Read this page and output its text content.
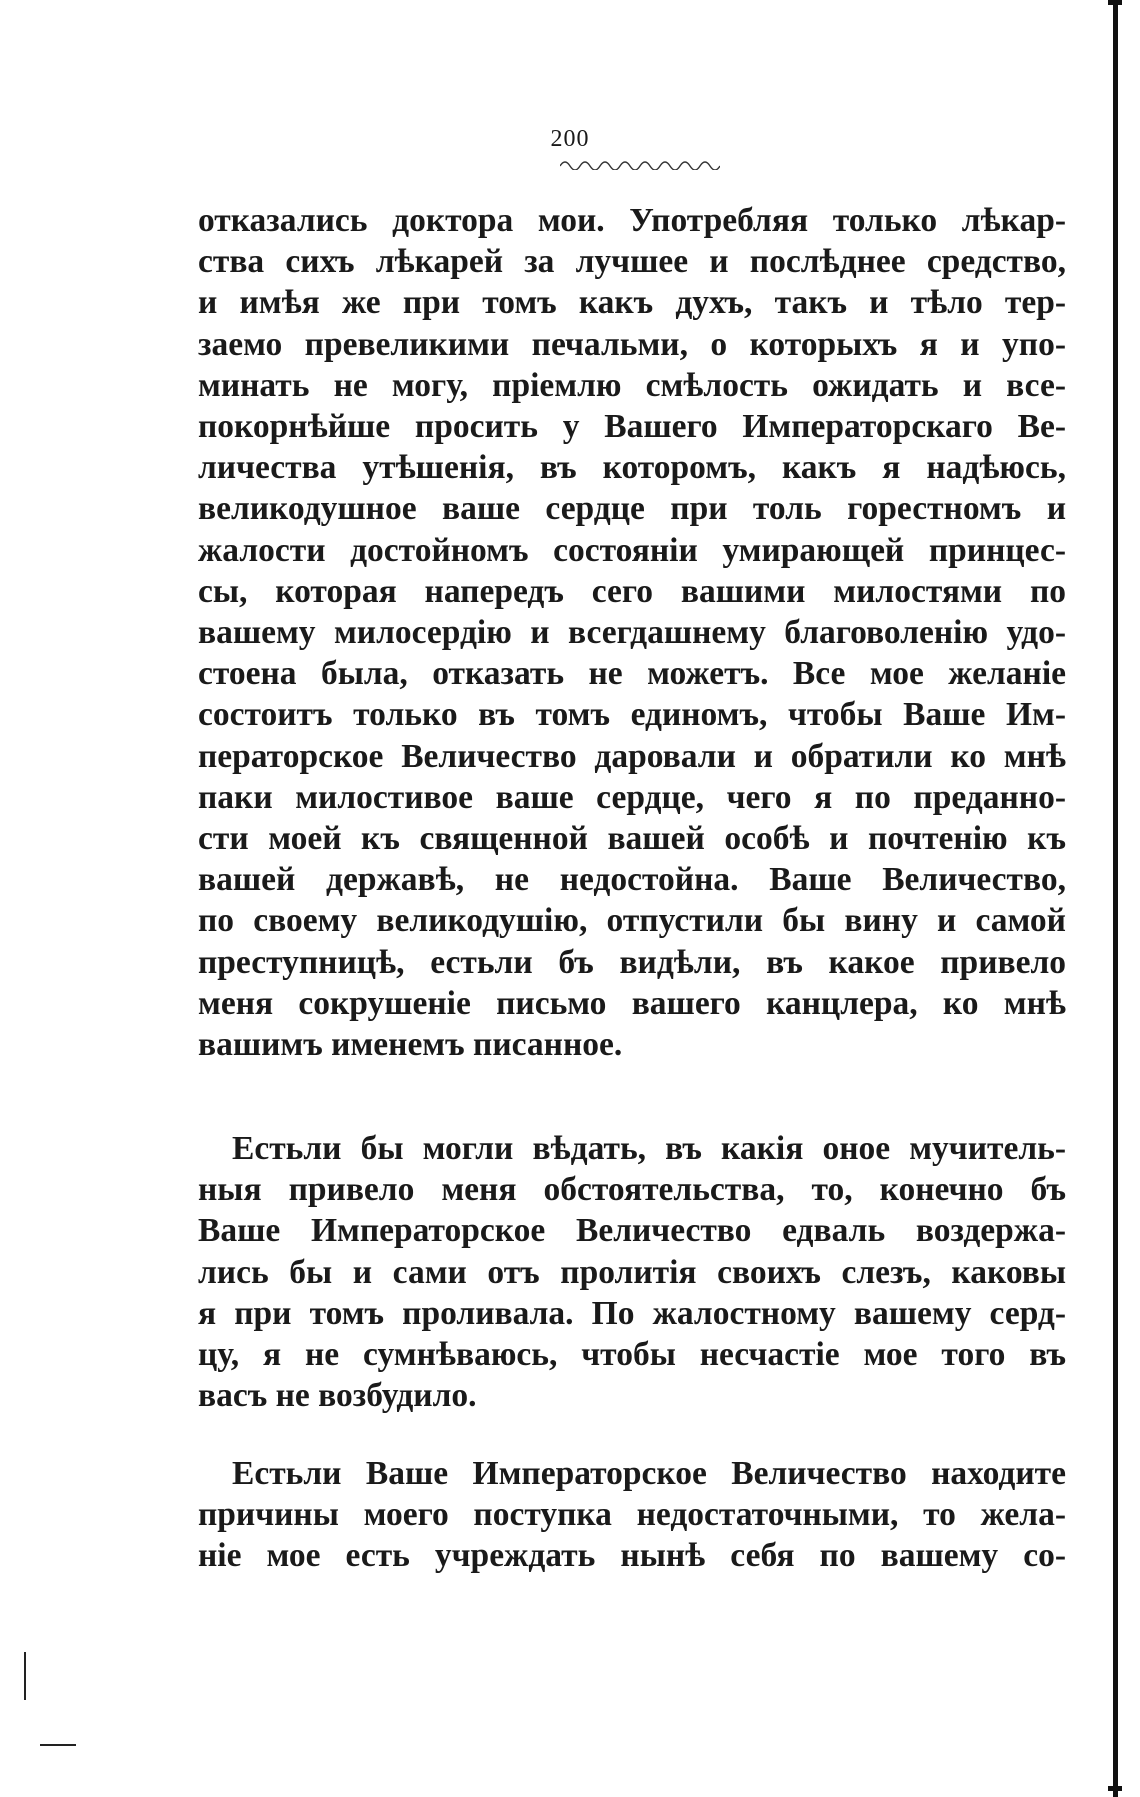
200
отказались доктора мои. Употребляя только лѣкар-
ства сихъ лѣкарей за лучшее и послѣднее средство,
и имѣя же при томъ какъ духъ, такъ и тѣло тер-
заемо превеликими печальми, о которыхъ я и упо-
минать не могу, пріемлю смѣлость ожидать и все-
покорнѣйше просить у Вашего Императорскаго Ве-
личества утѣшенія, въ которомъ, какъ я надѣюсь,
великодушное ваше сердце при толь горестномъ и
жалости достойномъ состояніи умирающей принцес-
сы, которая напередъ сего вашими милостями по
вашему милосердію и всегдашнему благоволенію удо-
стоена была, отказать не можетъ. Все мое желаніе
состоитъ только въ томъ единомъ, чтобы Ваше Им-
ператорское Величество даровали и обратили ко мнѣ
паки милостивое ваше сердце, чего я по преданно-
сти моей къ священной вашей особѣ и почтенію къ
вашей державѣ, не недостойна. Ваше Величество,
по своему великодушію, отпустили бы вину и самой
преступницѣ, естьли бъ видѣли, въ какое привело
меня сокрушеніе письмо вашего канцлера, ко мнѣ
вашимъ именемъ писанное.
Естьли бы могли вѣдать, въ какія оное мучитель-
ныя привело меня обстоятельства, то, конечно бъ
Ваше Императорское Величество едваль воздержа-
лись бы и сами отъ пролитія своихъ слезъ, каковы
я при томъ проливала. По жалостному вашему серд-
цу, я не сумнѣваюсь, чтобы несчастіе мое того въ
васъ не возбудило.
Естьли Ваше Императорское Величество находите
причины моего поступка недостаточными, то жела-
ніе мое есть учреждать нынѣ себя по вашему со-
